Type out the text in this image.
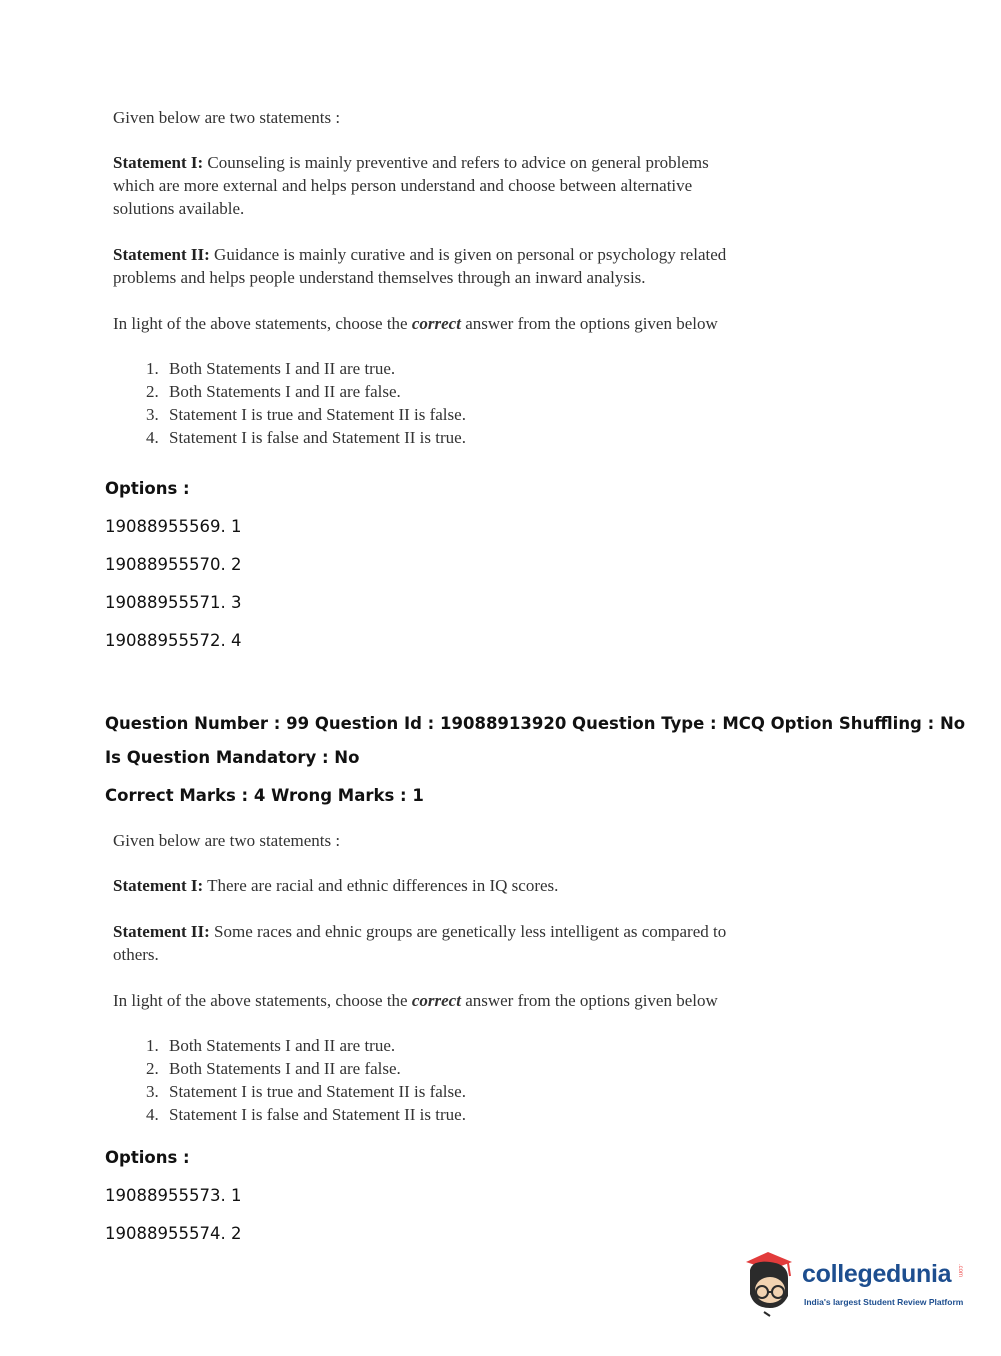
Given below are two statements :

Statement I: Counseling is mainly preventive and refers to advice on general problems which are more external and helps person understand and choose between alternative solutions available.

Statement II: Guidance is mainly curative and is given on personal or psychology related problems and helps people understand themselves through an inward analysis.

In light of the above statements, choose the correct answer from the options given below

1. Both Statements I and II are true.
2. Both Statements I and II are false.
3. Statement I is true and Statement II is false.
4. Statement I is false and Statement II is true.
Options :
19088955569. 1
19088955570. 2
19088955571. 3
19088955572. 4
Question Number : 99 Question Id : 19088913920 Question Type : MCQ Option Shuffling : No
Is Question Mandatory : No
Correct Marks : 4 Wrong Marks : 1

Given below are two statements :

Statement I: There are racial and ethnic differences in IQ scores.

Statement II: Some races and ehnic groups are genetically less intelligent as compared to others.

In light of the above statements, choose the correct answer from the options given below

1. Both Statements I and II are true.
2. Both Statements I and II are false.
3. Statement I is true and Statement II is false.
4. Statement I is false and Statement II is true.
Options :
19088955573. 1
19088955574. 2
collegedunia .com
India's largest Student Review Platform
